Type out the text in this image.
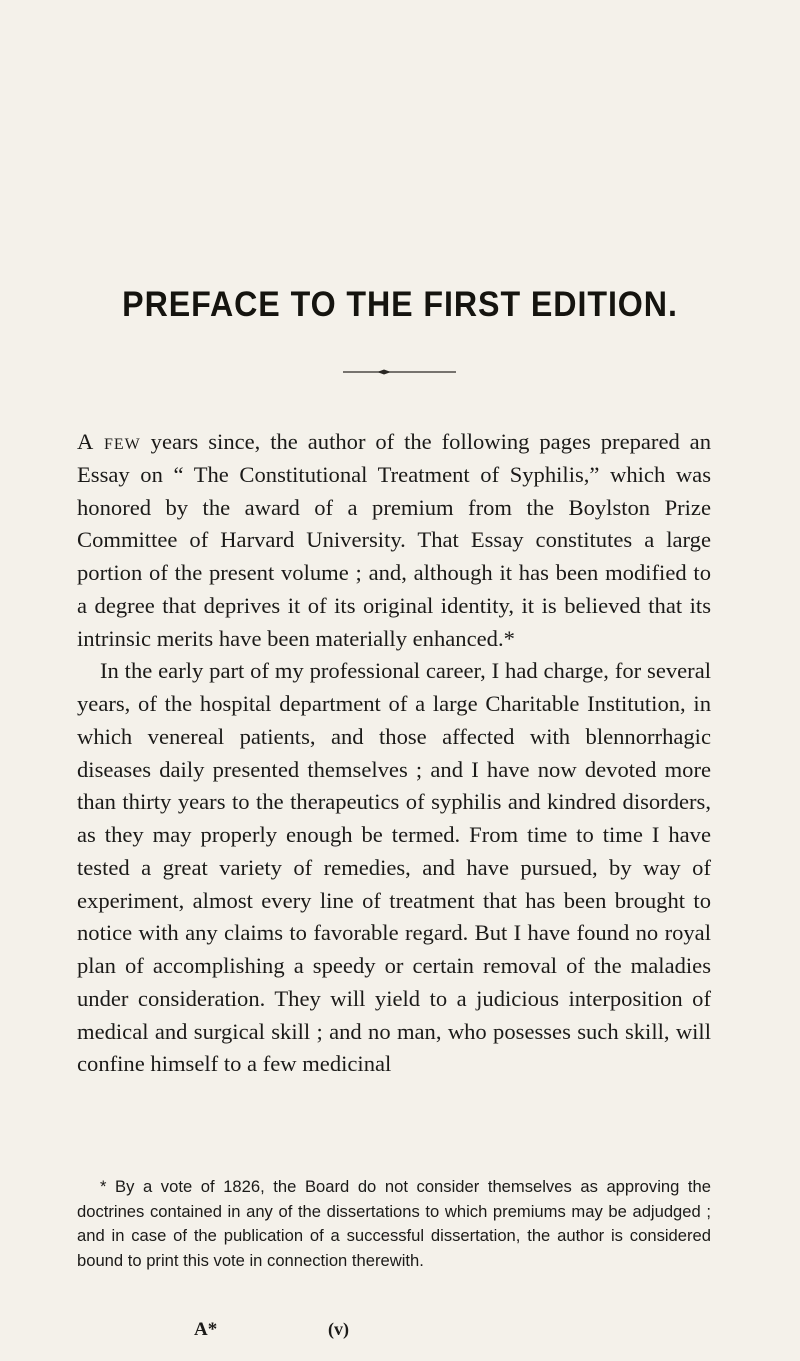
PREFACE TO THE FIRST EDITION.

A few years since, the author of the following pages prepared an Essay on “ The Constitutional Treatment of Syphilis,” which was honored by the award of a premium from the Boylston Prize Committee of Harvard University. That Essay constitutes a large portion of the present volume ; and, although it has been modified to a degree that deprives it of its original identity, it is believed that its intrinsic merits have been materially enhanced.*

In the early part of my professional career, I had charge, for several years, of the hospital department of a large Charitable Institution, in which venereal patients, and those affected with blennorrhagic diseases daily presented themselves ; and I have now devoted more than thirty years to the therapeutics of syphilis and kindred disorders, as they may properly enough be termed. From time to time I have tested a great variety of remedies, and have pursued, by way of experiment, almost every line of treatment that has been brought to notice with any claims to favorable regard. But I have found no royal plan of accomplishing a speedy or certain removal of the maladies under consideration. They will yield to a judicious interposition of medical and surgical skill ; and no man, who posesses such skill, will confine himself to a few medicinal

* By a vote of 1826, the Board do not consider themselves as approving the doctrines contained in any of the dissertations to which premiums may be adjudged ; and in case of the publication of a successful dissertation, the author is considered bound to print this vote in connection therewith.

A*	(v)
